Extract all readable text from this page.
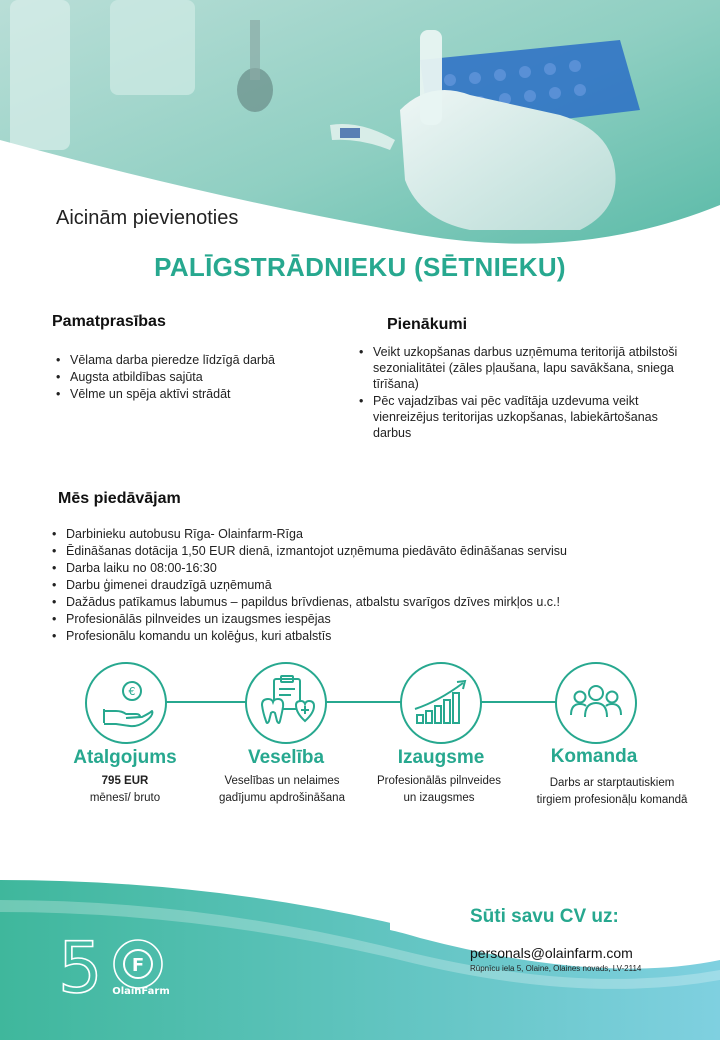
Aicinām pievienoties
PALĪGSTRĀDNIEKU (SĒTNIEKU)
Pamatprasības
• Vēlama darba pieredze līdzīgā darbā
• Augsta atbildības sajūta
• Vēlme un spēja aktīvi strādāt
Pienākumi
• Veikt uzkopšanas darbus uzņēmuma teritorijā atbilstoši sezonialitātei (zāles pļaušana, lapu savākšana, sniega tīrīšana)
• Pēc vajadzības vai pēc vadītāja uzdevuma veikt vienreizējus teritorijas uzkopšanas, labiekārtošanas darbus
Mēs piedāvājam
• Darbinieku autobusu Rīga- Olainfarm-Rīga
• Ēdināšanas dotācija 1,50 EUR dienā, izmantojot uzņēmuma piedāvāto ēdināšanas servisu
• Darba laiku no 08:00-16:30
• Darbu ģimenei draudzīgā uzņēmumā
• Dažādus patīkamus labumus – papildus brīvdienas, atbalstu svarīgos dzīves mirkļos u.c.!
• Profesionālās pilnveides un izaugsmes iespējas
• Profesionālu komandu un kolēģus, kuri atbalstīs
€
Atalgojums	Veselība	Izaugsme	Komanda
795 EUR
mēnesī/ bruto
Veselības un nelaimes
gadījumu apdrošināšana
Profesionālās pilnveides
un izaugsmes
Darbs ar starptautiskiem
tirgiem profesionāļu komandā
5 F
OlainFarm
Sūti savu CV uz:
personals@olainfarm.com
Rūpnīcu iela 5, Olaine, Olaines novads, LV-2114
